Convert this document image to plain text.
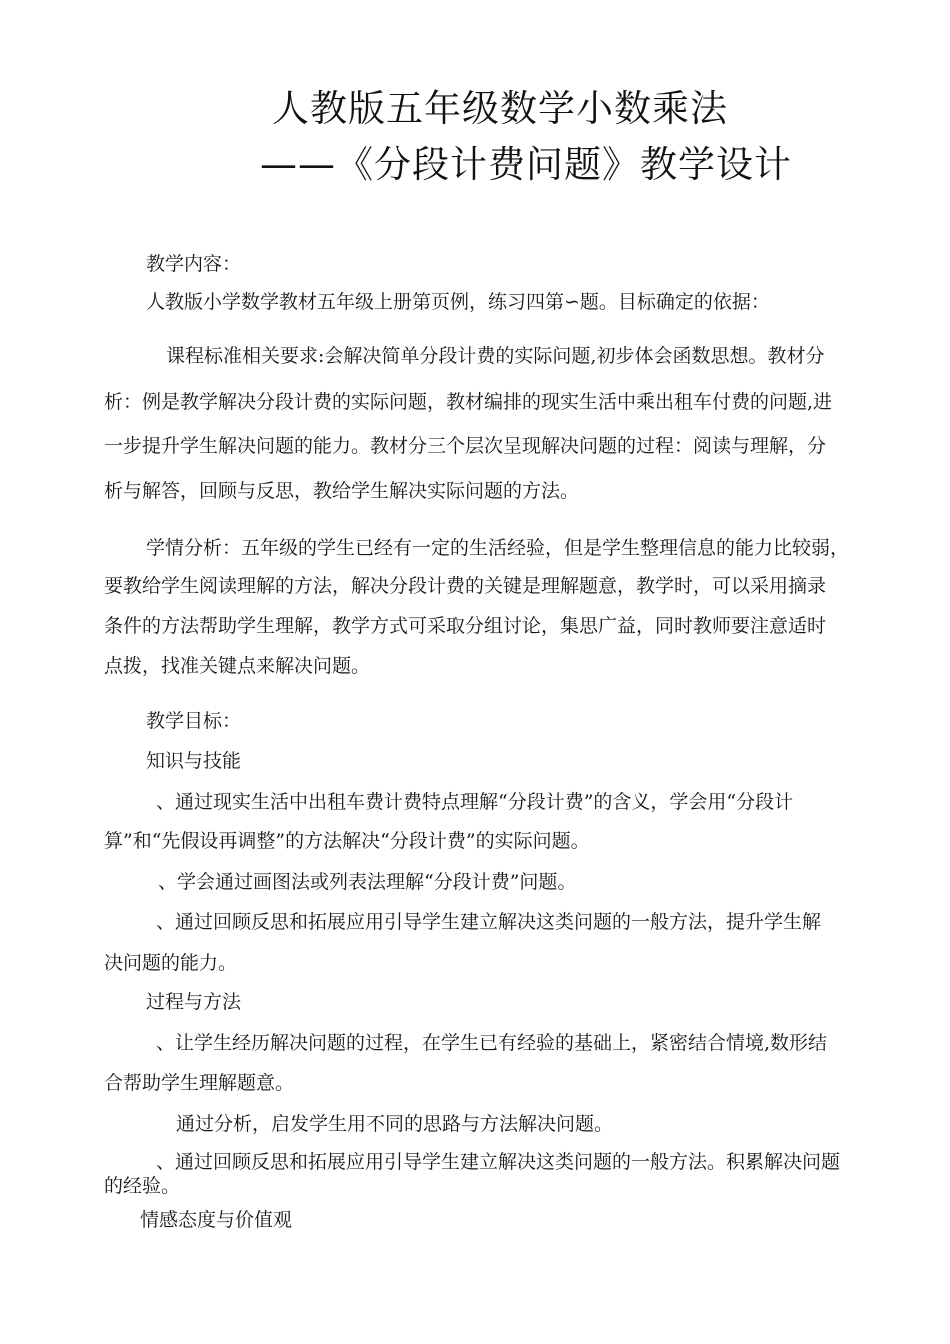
人教版五年级数学小数乘法
——《分段计费问题》教学设计
教学内容：
人教版小学数学教材五年级上册第页例，练习四第∽题。目标确定的依据：
课程标准相关要求:会解决简单分段计费的实际问题,初步体会函数思想。教材分
析：例是教学解决分段计费的实际问题，教材编排的现实生活中乘出租车付费的问题,进
一步提升学生解决问题的能力。教材分三个层次呈现解决问题的过程：阅读与理解，分
析与解答，回顾与反思，教给学生解决实际问题的方法。
学情分析：五年级的学生已经有一定的生活经验，但是学生整理信息的能力比较弱，
要教给学生阅读理解的方法，解决分段计费的关键是理解题意，教学时，可以采用摘录
条件的方法帮助学生理解，教学方式可采取分组讨论，集思广益，同时教师要注意适时
点拨，找准关键点来解决问题。
教学目标：
知识与技能
、通过现实生活中出租车费计费特点理解“分段计费”的含义，学会用“分段计
算”和“先假设再调整”的方法解决“分段计费”的实际问题。
、学会通过画图法或列表法理解“分段计费”问题。
、通过回顾反思和拓展应用引导学生建立解决这类问题的一般方法，提升学生解
决问题的能力。
过程与方法
、让学生经历解决问题的过程，在学生已有经验的基础上，紧密结合情境,数形结
合帮助学生理解题意。
通过分析，启发学生用不同的思路与方法解决问题。
、通过回顾反思和拓展应用引导学生建立解决这类问题的一般方法。积累解决问题
的经验。
情感态度与价值观
